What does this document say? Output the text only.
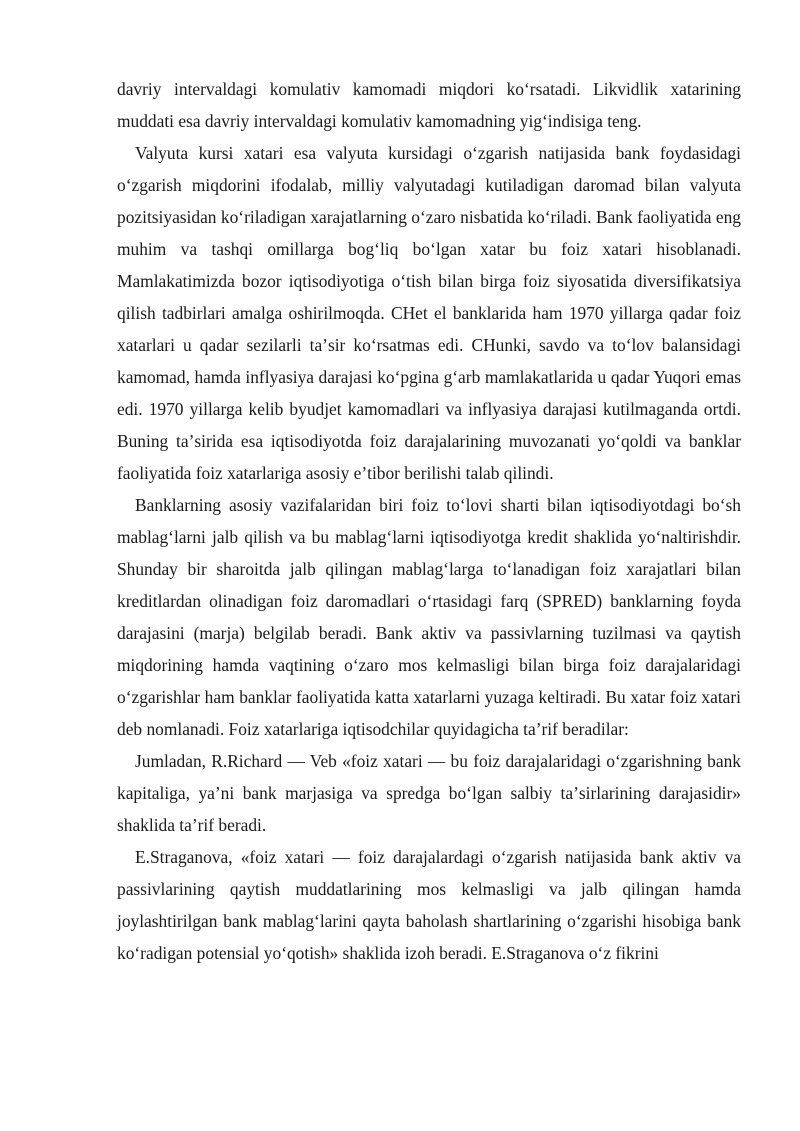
davriy intervaldagi komulativ kamomadi miqdori koʻrsatadi. Likvidlik xatarining muddati esa davriy intervaldagi komulativ kamomadning yigʻindisiga teng.

Valyuta kursi xatari esa valyuta kursidagi oʻzgarish natijasida bank foydasidagi oʻzgarish miqdorini ifodalab, milliy valyutadagi kutiladigan daromad bilan valyuta pozitsiyasidan koʻriladigan xarajatlarning oʻzaro nisbatida koʻriladi. Bank faoliyatida eng muhim va tashqi omillarga bogʻliq boʻlgan xatar bu foiz xatari hisoblanadi. Mamlakatimizda bozor iqtisodiyotiga oʻtish bilan birga foiz siyosatida diversifikatsiya qilish tadbirlari amalga oshirilmoqda. CHet el banklarida ham 1970 yillarga qadar foiz xatarlari u qadar sezilarli taʼsir koʻrsatmas edi. CHunki, savdo va toʻlov balansidagi kamomad, hamda inflyasiya darajasi koʻpgina gʻarb mamlakatlarida u qadar Yuqori emas edi. 1970 yillarga kelib byudjet kamomadlari va inflyasiya darajasi kutilmaganda ortdi. Buning taʼsirida esa iqtisodiyotda foiz darajalarining muvozanati yoʻqoldi va banklar faoliyatida foiz xatarlariga asosiy eʼtibor berilishi talab qilindi.

Banklarning asosiy vazifalaridan biri foiz toʻlovi sharti bilan iqtisodiyotdagi boʻsh mablagʻlarni jalb qilish va bu mablagʻlarni iqtisodiyotga kredit shaklida yoʻnaltirishdir. Shunday bir sharoitda jalb qilingan mablagʻlarga toʻlanadigan foiz xarajatlari bilan kreditlardan olinadigan foiz daromadlari oʻrtasidagi farq (SPRED) banklarning foyda darajasini (marja) belgilab beradi. Bank aktiv va passivlarning tuzilmasi va qaytish miqdorining hamda vaqtining oʻzaro mos kelmasligi bilan birga foiz darajalaridagi oʻzgarishlar ham banklar faoliyatida katta xatarlarni yuzaga keltiradi. Bu xatar foiz xatari deb nomlanadi. Foiz xatarlariga iqtisodchilar quyidagicha taʼrif beradilar:

Jumladan, R.Richard — Veb «foiz xatari — bu foiz darajalaridagi oʻzgarishning bank kapitaliga, yaʼni bank marjasiga va spredga boʻlgan salbiy taʼsirlarining darajasidir» shaklida taʼrif beradi.

E.Straganova, «foiz xatari — foiz darajalardagi oʻzgarish natijasida bank aktiv va passivlarining qaytish muddatlarining mos kelmasligi va jalb qilingan hamda joylashtirilgan bank mablagʻlarini qayta baholash shartlarining oʻzgarishi hisobiga bank koʻradigan potensial yoʻqotish» shaklida izoh beradi. E.Straganova oʻz fikrini
